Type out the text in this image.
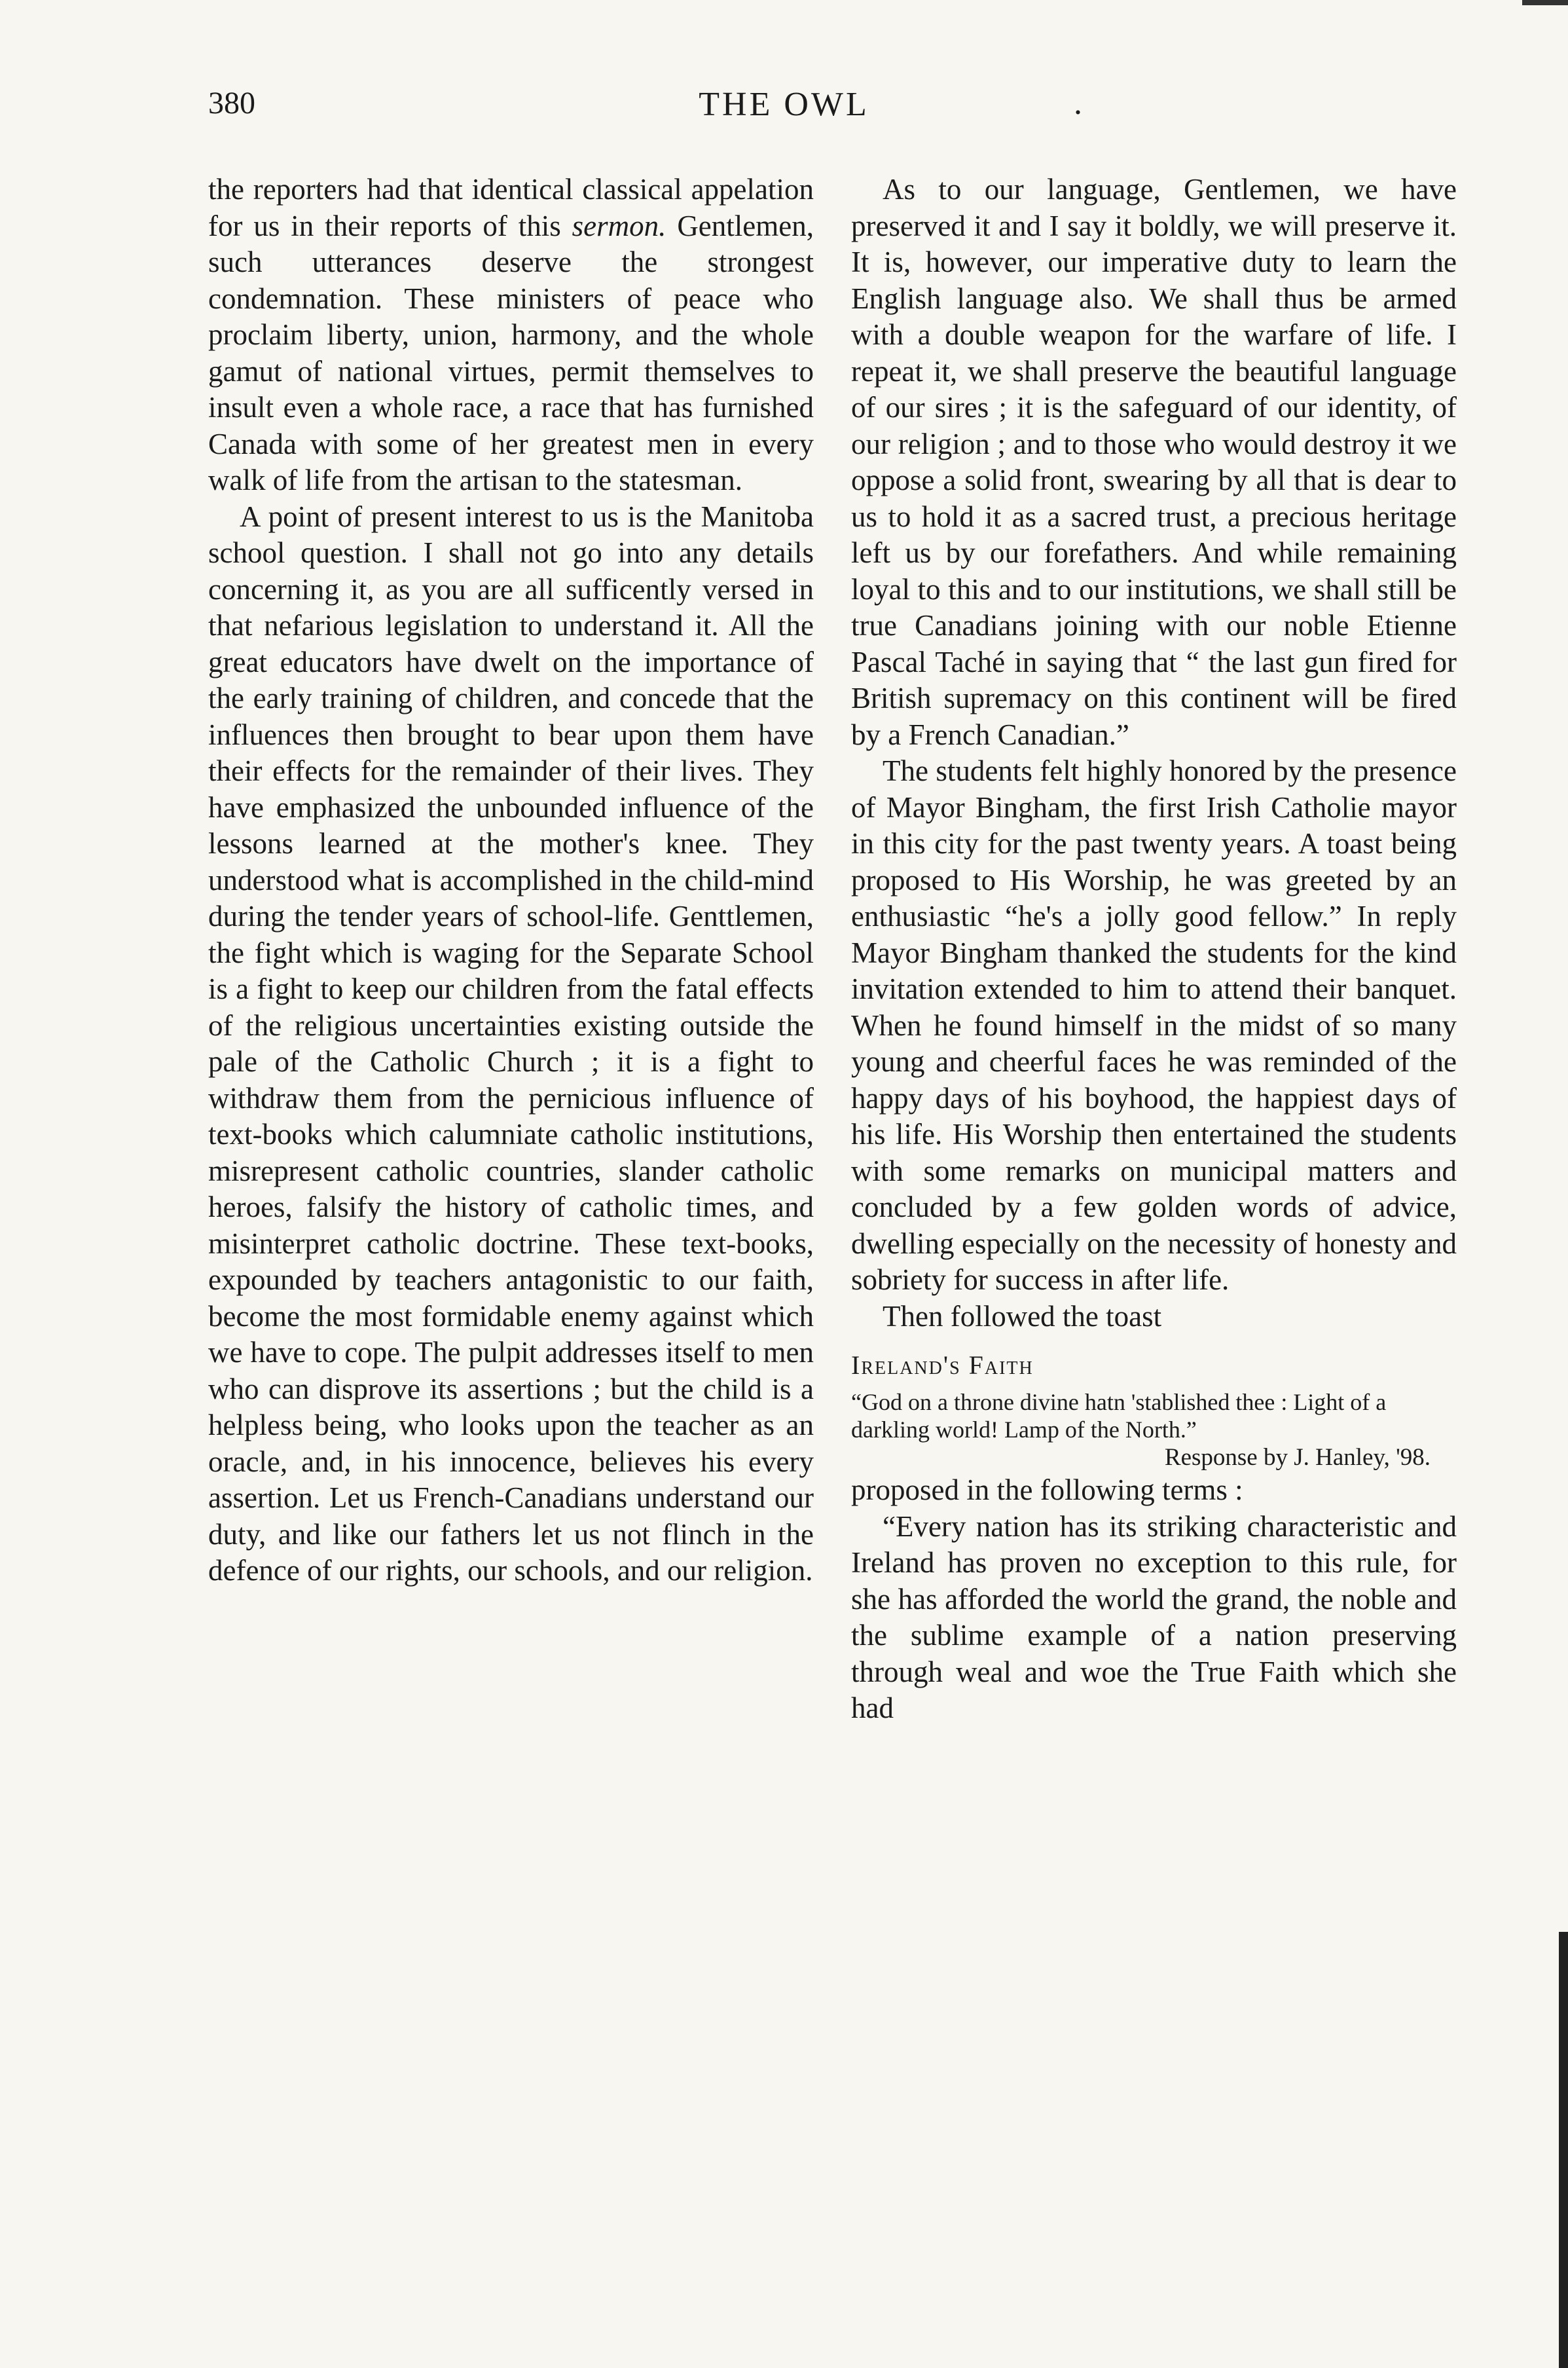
380	THE OWL	.

the reporters had that identical classical appelation for us in their reports of this sermon. Gentlemen, such utterances deserve the strongest condemnation. These ministers of peace who proclaim liberty, union, harmony, and the whole gamut of national virtues, permit themselves to insult even a whole race, a race that has furnished Canada with some of her greatest men in every walk of life from the artisan to the statesman.

A point of present interest to us is the Manitoba school question. I shall not go into any details concerning it, as you are all sufficently versed in that nefarious legislation to understand it. All the great educators have dwelt on the importance of the early training of children, and concede that the influences then brought to bear upon them have their effects for the remainder of their lives. They have emphasized the unbounded influence of the lessons learned at the mother's knee. They understood what is accomplished in the child-mind during the tender years of school-life. Genttlemen, the fight which is waging for the Separate School is a fight to keep our children from the fatal effects of the religious uncertainties existing outside the pale of the Catholic Church ; it is a fight to withdraw them from the pernicious influence of text-books which calumniate catholic institutions, misrepresent catholic countries, slander catholic heroes, falsify the history of catholic times, and misinterpret catholic doctrine. These text-books, expounded by teachers antagonistic to our faith, become the most formidable enemy against which we have to cope. The pulpit addresses itself to men who can disprove its assertions ; but the child is a helpless being, who looks upon the teacher as an oracle, and, in his innocence, believes his every assertion. Let us French-Canadians understand our duty, and like our fathers let us not flinch in the defence of our rights, our schools, and our religion.

As to our language, Gentlemen, we have preserved it and I say it boldly, we will preserve it. It is, however, our imperative duty to learn the English language also. We shall thus be armed with a double weapon for the warfare of life. I repeat it, we shall preserve the beautiful language of our sires ; it is the safeguard of our identity, of our religion ; and to those who would destroy it we oppose a solid front, swearing by all that is dear to us to hold it as a sacred trust, a precious heritage left us by our forefathers. And while remaining loyal to this and to our institutions, we shall still be true Canadians joining with our noble Etienne Pascal Taché in saying that “ the last gun fired for British supremacy on this continent will be fired by a French Canadian.”

The students felt highly honored by the presence of Mayor Bingham, the first Irish Catholie mayor in this city for the past twenty years. A toast being proposed to His Worship, he was greeted by an enthusiastic “he's a jolly good fellow.” In reply Mayor Bingham thanked the students for the kind invitation extended to him to attend their banquet. When he found himself in the midst of so many young and cheerful faces he was reminded of the happy days of his boyhood, the happiest days of his life. His Worship then entertained the students with some remarks on municipal matters and concluded by a few golden words of advice, dwelling especially on the necessity of honesty and sobriety for success in after life.

Then followed the toast

Ireland's Faith

“God on a throne divine hatn 'stablished thee : Light of a darkling world! Lamp of the North.”

Response by J. Hanley, '98.

proposed in the following terms :

“Every nation has its striking characteristic and Ireland has proven no exception to this rule, for she has afforded the world the grand, the noble and the sublime example of a nation preserving through weal and woe the True Faith which she had
